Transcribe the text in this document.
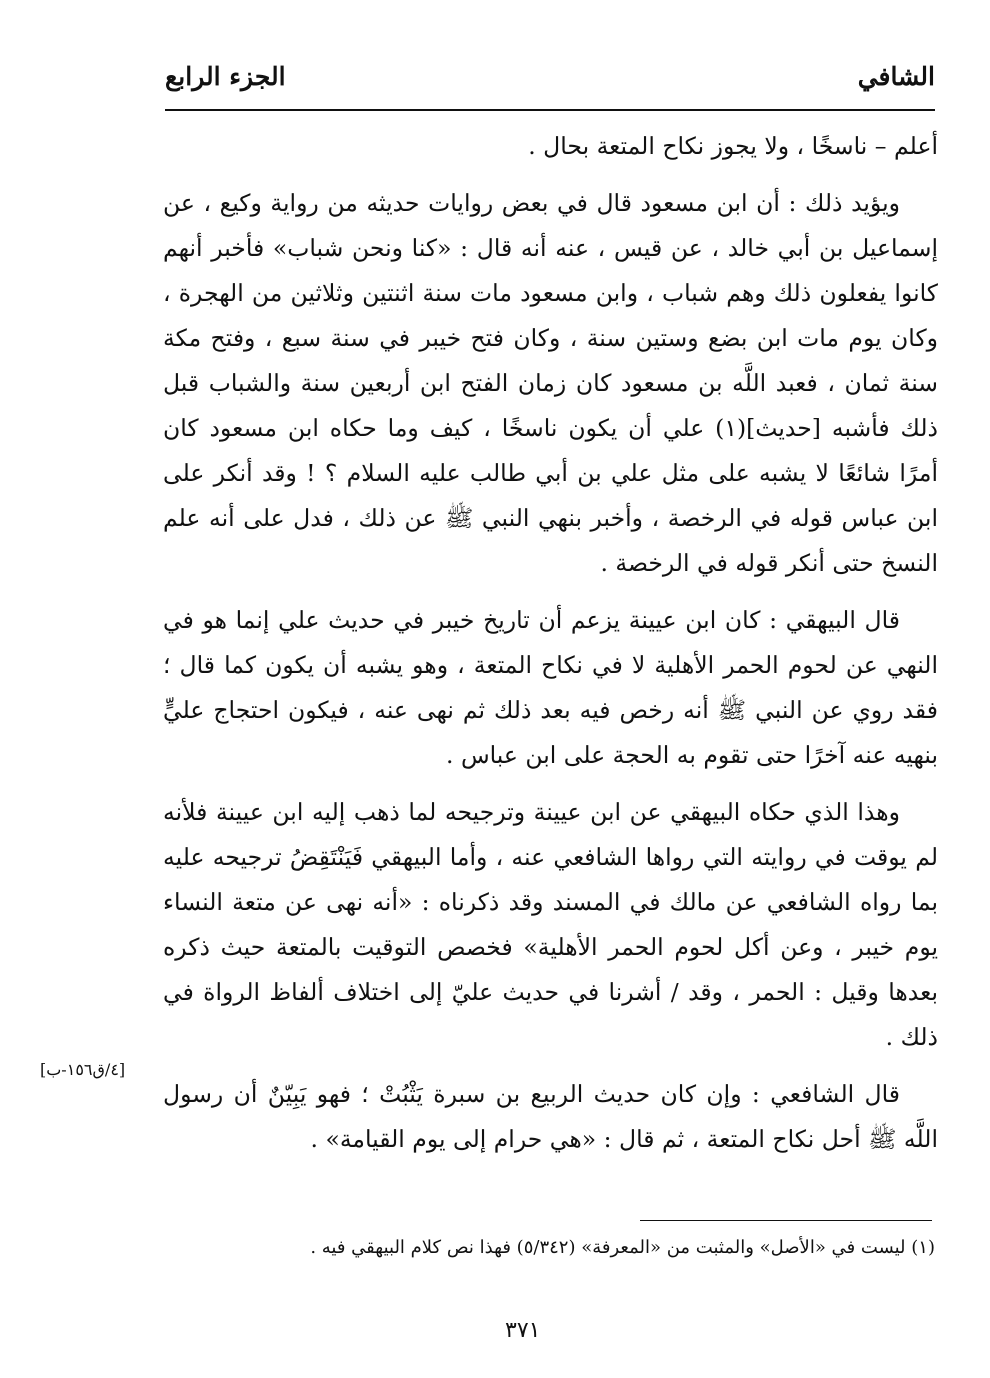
الشافي
الجزء الرابع

أعلم – ناسخًا ، ولا يجوز نكاح المتعة بحال .

ويؤيد ذلك : أن ابن مسعود قال في بعض روايات حديثه من رواية وكيع ، عن إسماعيل بن أبي خالد ، عن قيس ، عنه أنه قال : «كنا ونحن شباب» فأخبر أنهم كانوا يفعلون ذلك وهم شباب ، وابن مسعود مات سنة اثنتين وثلاثين من الهجرة ، وكان يوم مات ابن بضع وستين سنة ، وكان فتح خيبر في سنة سبع ، وفتح مكة سنة ثمان ، فعبد اللَّه بن مسعود كان زمان الفتح ابن أربعين سنة والشباب قبل ذلك فأشبه [حديث](١) علي أن يكون ناسخًا ، كيف وما حكاه ابن مسعود كان أمرًا شائعًا لا يشبه على مثل علي بن أبي طالب عليه السلام ؟ ! وقد أنكر على ابن عباس قوله في الرخصة ، وأخبر بنهي النبي ﷺ عن ذلك ، فدل على أنه علم النسخ حتى أنكر قوله في الرخصة .

قال البيهقي : كان ابن عيينة يزعم أن تاريخ خيبر في حديث علي إنما هو في النهي عن لحوم الحمر الأهلية لا في نكاح المتعة ، وهو يشبه أن يكون كما قال ؛ فقد روي عن النبي ﷺ أنه رخص فيه بعد ذلك ثم نهى عنه ، فيكون احتجاج عليٍّ بنهيه عنه آخرًا حتى تقوم به الحجة على ابن عباس .

وهذا الذي حكاه البيهقي عن ابن عيينة وترجيحه لما ذهب إليه ابن عيينة فلأنه لم يوقت في روايته التي رواها الشافعي عنه ، وأما البيهقي فَيَنْتَقِضُ ترجيحه عليه بما رواه الشافعي عن مالك في المسند وقد ذكرناه : «أنه نهى عن متعة النساء يوم خيبر ، وعن أكل لحوم الحمر الأهلية» فخصص التوقيت بالمتعة حيث ذكره بعدها وقيل : الحمر ، وقد / أشرنا في حديث عليّ إلى اختلاف ألفاظ الرواة في ذلك .

قال الشافعي : وإن كان حديث الربيع بن سبرة يَثْبُتْ ؛ فهو يَبِيّنٌ أن رسول اللَّه ﷺ أحل نكاح المتعة ، ثم قال : «هي حرام إلى يوم القيامة» .

[٤/ق١٥٦-ب]
(١) ليست في «الأصل» والمثبت من «المعرفة» (٥/٣٤٢) فهذا نص كلام البيهقي فيه .
٣٧١
